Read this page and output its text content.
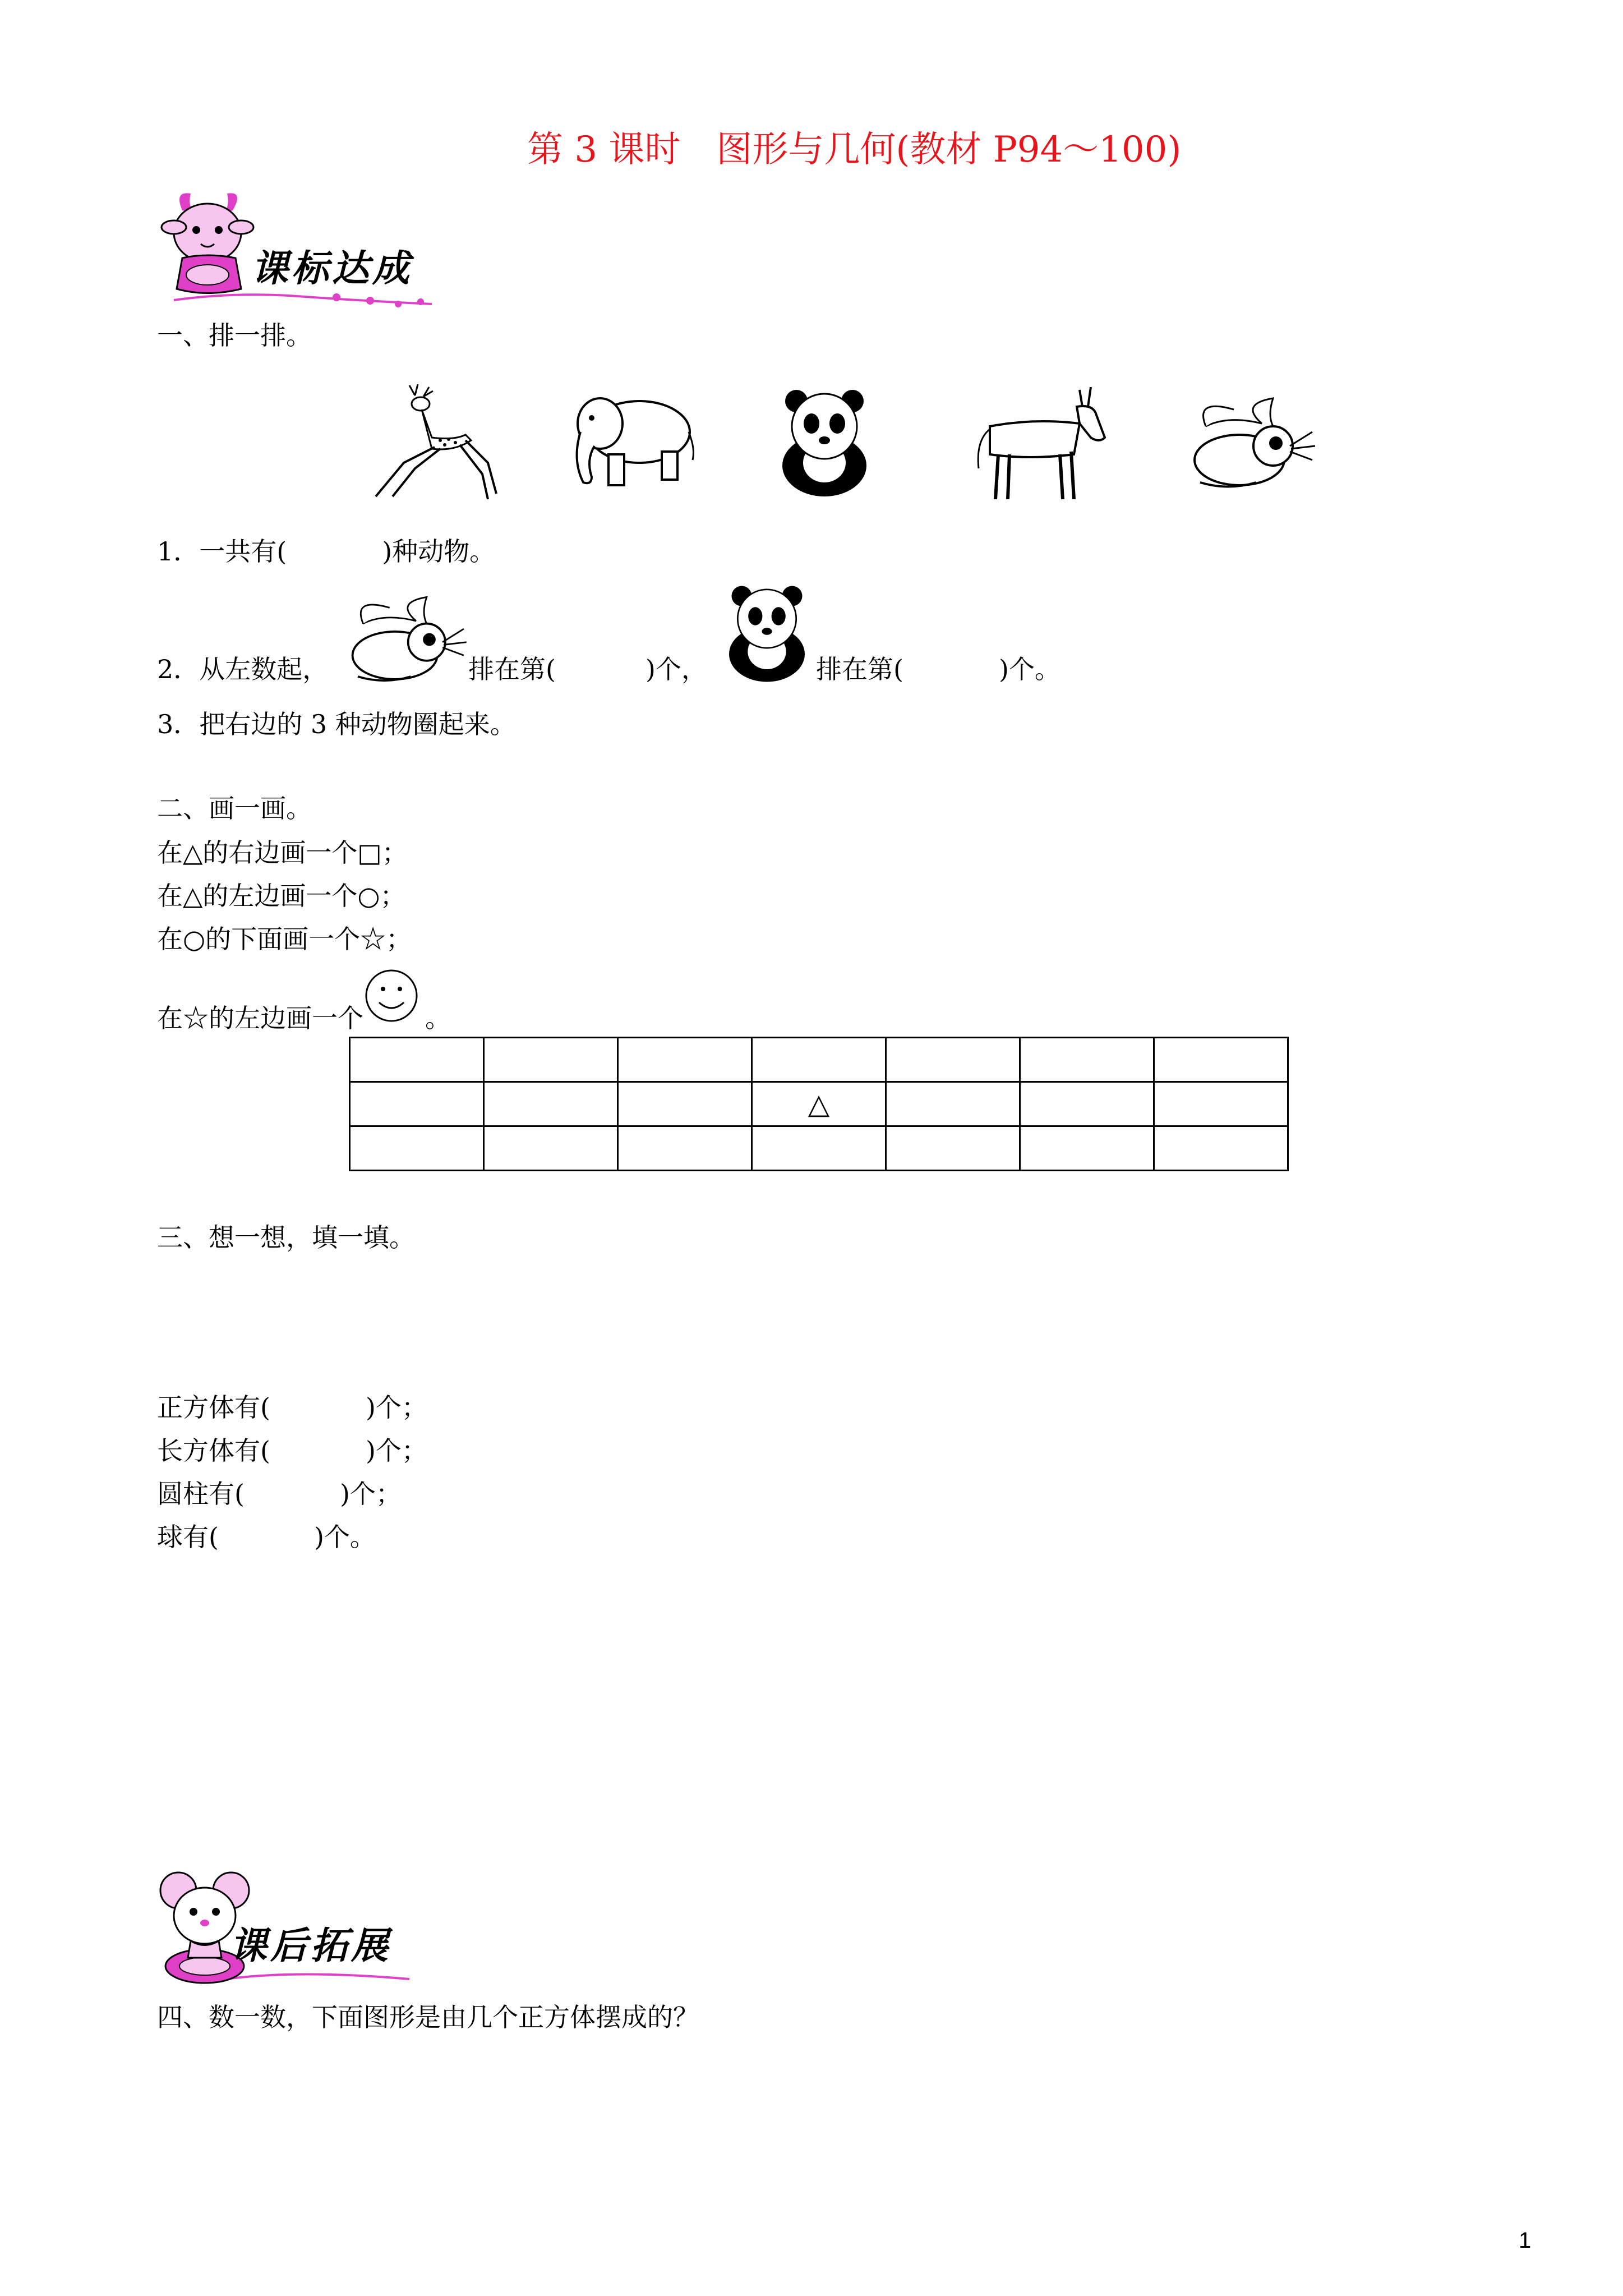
第 3 课时　图形与几何(教材 P94～100)
课标达成
一、排一排。
1．一共有(	)种动物。
2．从左数起，	排在第(	)个，	排在第(	)个。
3．把右边的 3 种动物圈起来。
二、画一画。
在△的右边画一个□；
在△的左边画一个○；
在○的下面画一个☆；
在☆的左边画一个 。

			△			

三、想一想，填一填。
正方体有(	)个；
长方体有(	)个；
圆柱有(	)个；
球有(	)个。
课后拓展
四、数一数，下面图形是由几个正方体摆成的？
1
